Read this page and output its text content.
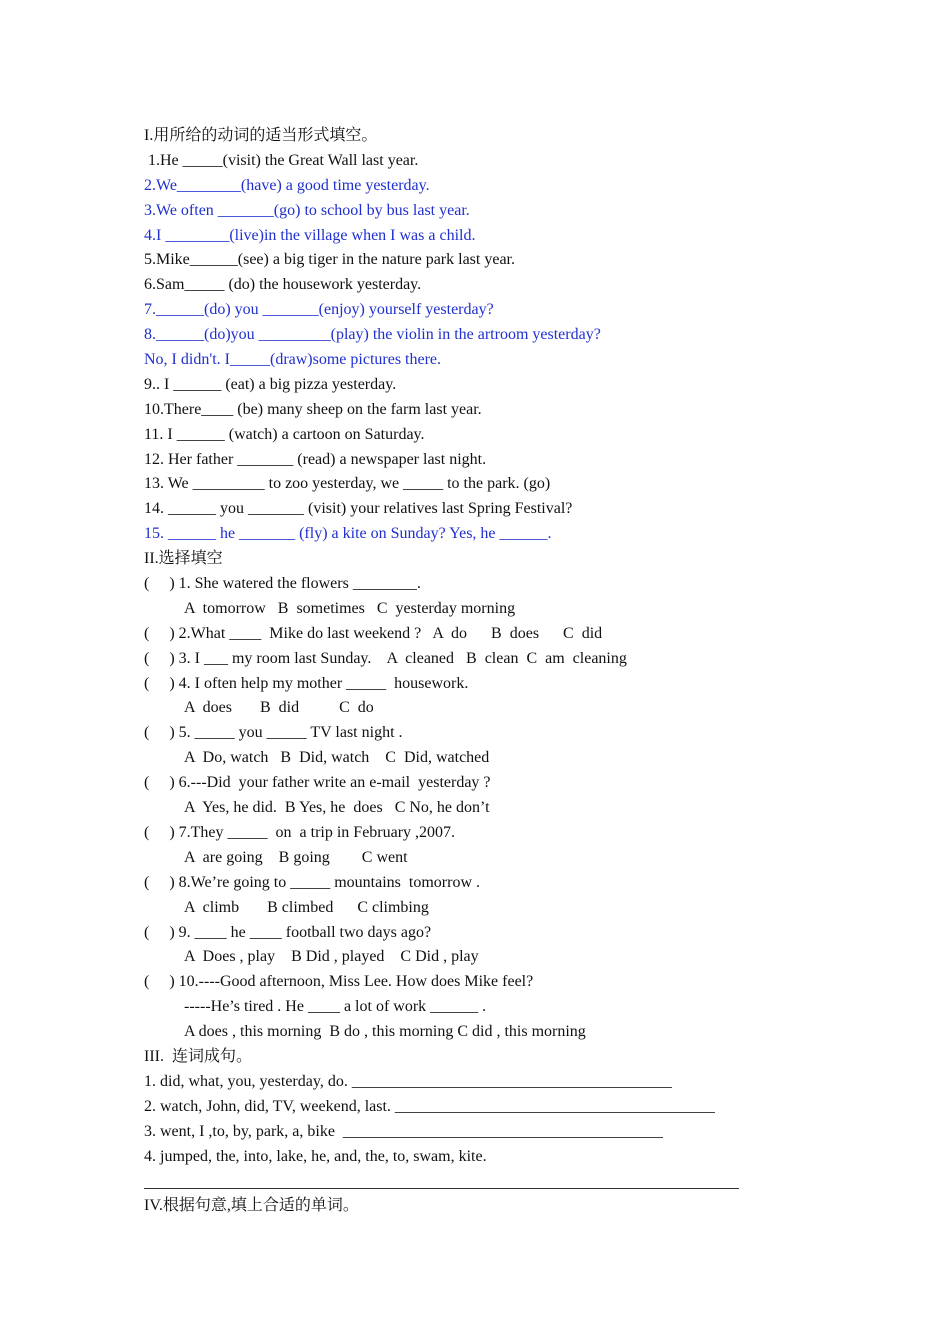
I.用所给的动词的适当形式填空。
1.He _____(visit) the Great Wall last year.
2.We________(have) a good time yesterday.
3.We often _______(go) to school by bus last year.
4.I ________(live)in the village when I was a child.
5.Mike______(see) a big tiger in the nature park last year.
6.Sam_____ (do) the housework yesterday.
7.______(do) you _______(enjoy) yourself yesterday?
8.______(do)you _________(play) the violin in the artroom yesterday?
No, I didn't. I_____(draw)some pictures there.
9.. I ______ (eat) a big pizza yesterday.
10.There____ (be) many sheep on the farm last year.
11. I ______ (watch) a cartoon on Saturday.
12. Her father _______ (read) a newspaper last night.
13. We _________ to zoo yesterday, we _____ to the park. (go)
14. ______ you _______ (visit) your relatives last Spring Festival?
15. ______ he _______ (fly) a kite on Sunday? Yes, he ______.
II.选择填空
(     ) 1. She watered the flowers ________.
A  tomorrow   B  sometimes   C  yesterday morning
(     ) 2.What ____  Mike do last weekend ?   A  do      B  does      C  did
(     ) 3. I ___ my room last Sunday.    A  cleaned   B  clean  C  am  cleaning
(     ) 4. I often help my mother _____  housework.
A  does       B  did          C  do
(     ) 5. _____ you _____ TV last night .
A  Do, watch   B  Did, watch    C  Did, watched
(     ) 6.---Did  your father write an e-mail  yesterday ?
A  Yes, he did.  B Yes, he  does   C No, he don’t
(     ) 7.They _____  on  a trip in February ,2007.
A  are going    B going        C went
(     ) 8.We’re going to _____ mountains  tomorrow .
A  climb       B climbed      C climbing
(     ) 9. ____ he ____ football two days ago?
A  Does , play    B Did , played    C Did , play
(     ) 10.----Good afternoon, Miss Lee. How does Mike feel?
-----He’s tired . He ____ a lot of work ______ .
A does , this morning  B do , this morning C did , this morning
III.  连词成句。
1. did, what, you, yesterday, do. ________________________________________
2. watch, John, did, TV, weekend, last. ________________________________________
3. went, I ,to, by, park, a, bike  ________________________________________
4. jumped, the, into, lake, he, and, the, to, swam, kite.
IV.根据句意,填上合适的单词。
